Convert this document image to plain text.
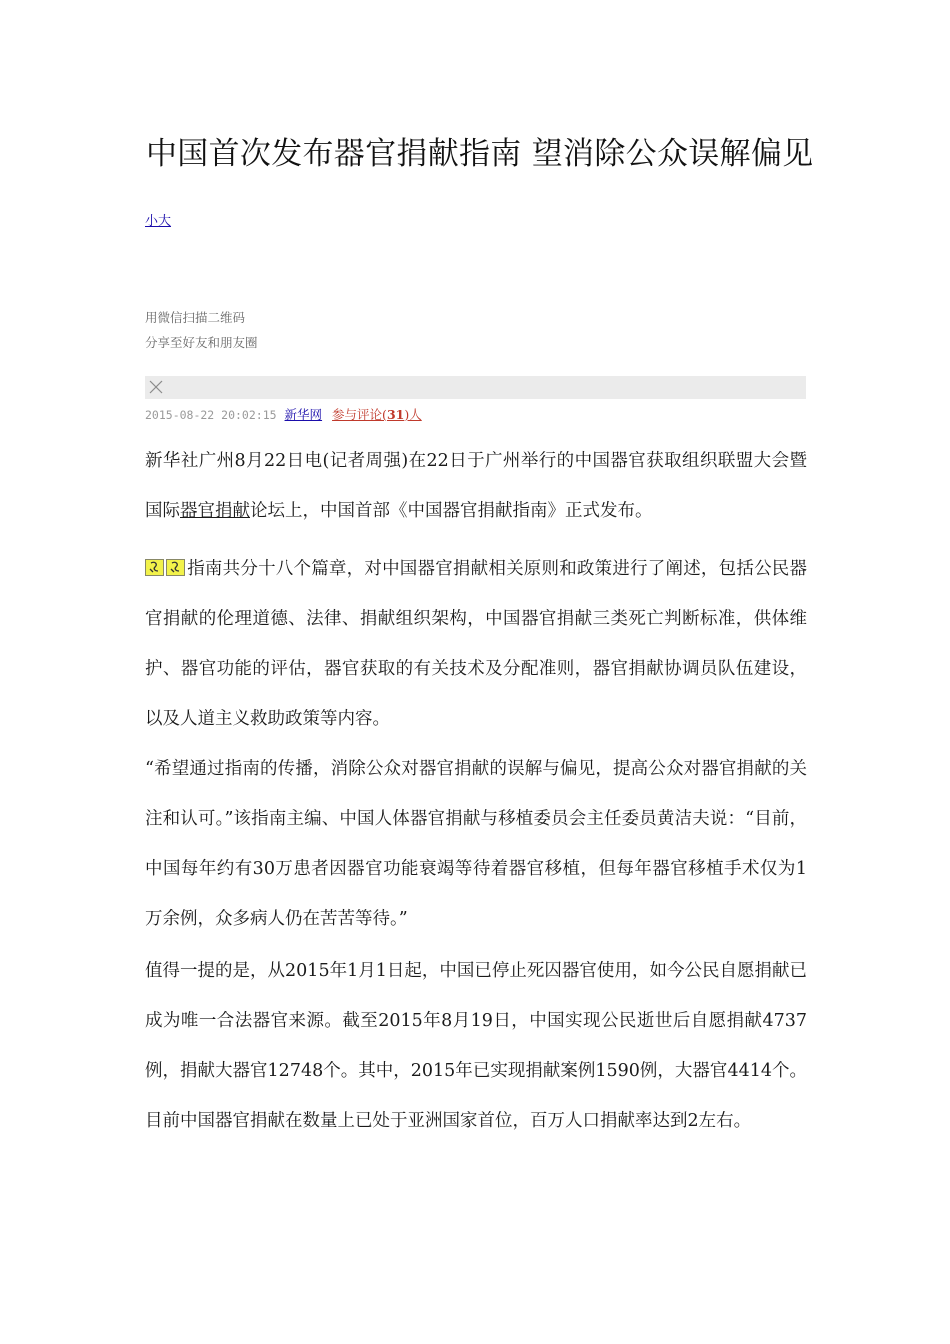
中国首次发布器官捐献指南 望消除公众误解偏见
小大
用微信扫描二维码
分享至好友和朋友圈
2015-08-22 20:02:15 新华网 参与评论(31)人

新华社广州8月22日电(记者周强)在22日于广州举行的中国器官获取组织联盟大会暨国际器官捐献论坛上，中国首部《中国器官捐献指南》正式发布。

指南共分十八个篇章，对中国器官捐献相关原则和政策进行了阐述，包括公民器官捐献的伦理道德、法律、捐献组织架构，中国器官捐献三类死亡判断标准，供体维护、器官功能的评估，器官获取的有关技术及分配准则，器官捐献协调员队伍建设，以及人道主义救助政策等内容。

“希望通过指南的传播，消除公众对器官捐献的误解与偏见，提高公众对器官捐献的关注和认可。”该指南主编、中国人体器官捐献与移植委员会主任委员黄洁夫说：“目前，中国每年约有30万患者因器官功能衰竭等待着器官移植，但每年器官移植手术仅为1万余例，众多病人仍在苦苦等待。”

值得一提的是，从2015年1月1日起，中国已停止死囚器官使用，如今公民自愿捐献已成为唯一合法器官来源。截至2015年8月19日，中国实现公民逝世后自愿捐献4737例，捐献大器官12748个。其中，2015年已实现捐献案例1590例，大器官4414个。目前中国器官捐献在数量上已处于亚洲国家首位，百万人口捐献率达到2左右。
